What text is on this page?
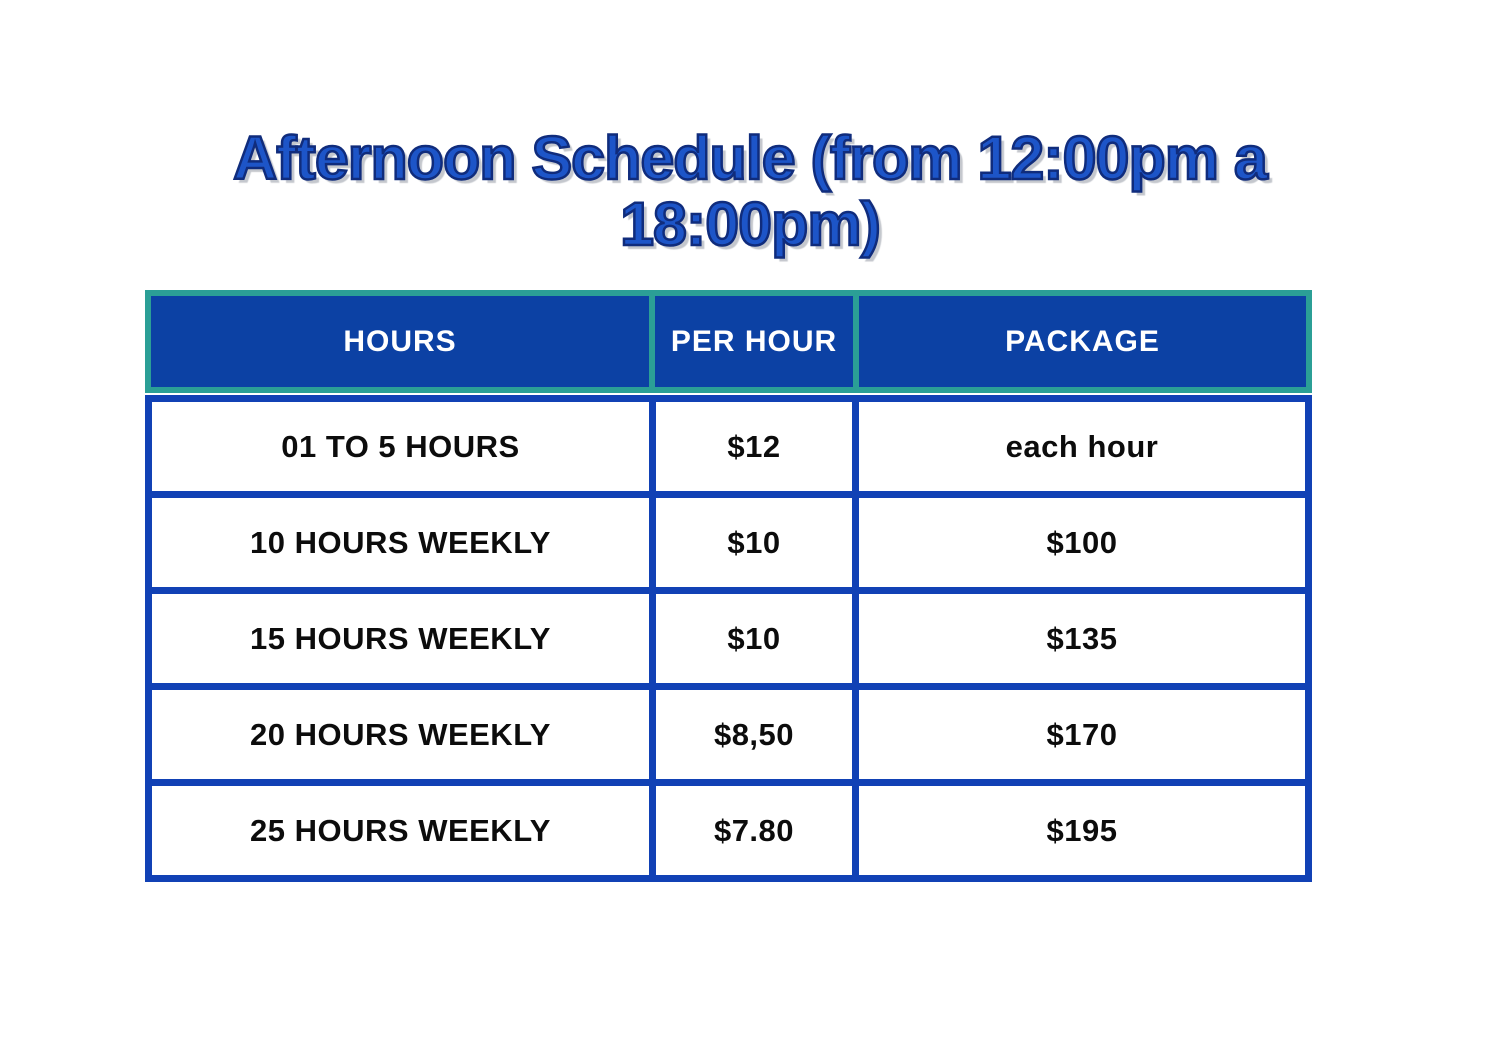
Afternoon Schedule (from 12:00pm a
18:00pm)
HOURS	PER HOUR	PACKAGE
01 TO 5 HOURS	$12	each hour
10 HOURS WEEKLY	$10	$100
15 HOURS WEEKLY	$10	$135
20 HOURS WEEKLY	$8,50	$170
25 HOURS WEEKLY	$7.80	$195
